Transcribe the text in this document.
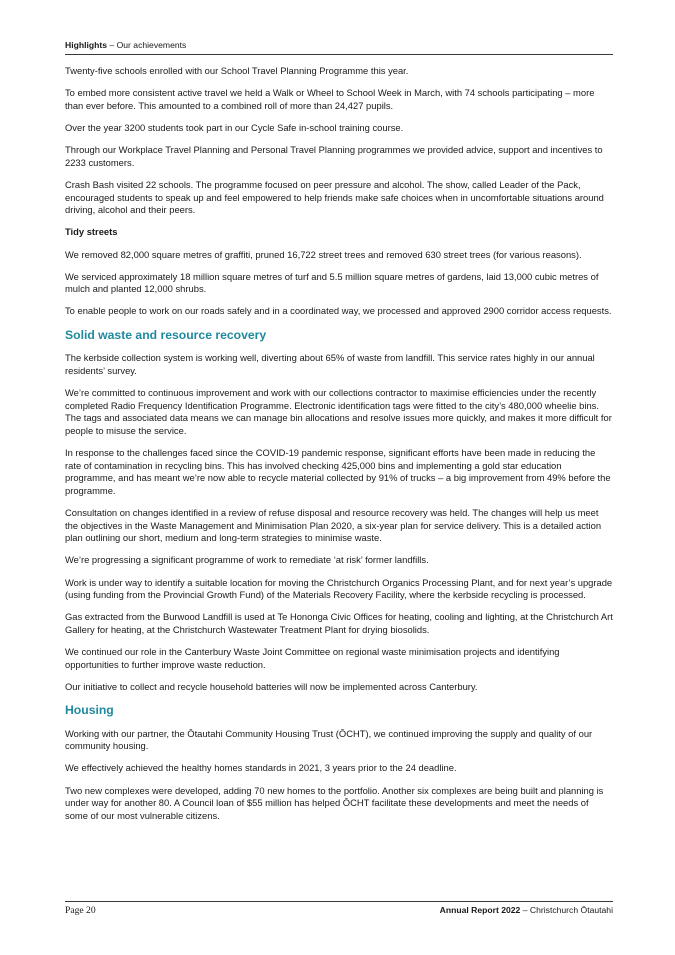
Highlights – Our achievements

Twenty-five schools enrolled with our School Travel Planning Programme this year.

To embed more consistent active travel we held a Walk or Wheel to School Week in March, with 74 schools participating – more than ever before. This amounted to a combined roll of more than 24,427 pupils.

Over the year 3200 students took part in our Cycle Safe in-school training course.

Through our Workplace Travel Planning and Personal Travel Planning programmes we provided advice, support and incentives to 2233 customers.

Crash Bash visited 22 schools. The programme focused on peer pressure and alcohol. The show, called Leader of the Pack, encouraged students to speak up and feel empowered to help friends make safe choices when in uncomfortable situations around driving, alcohol and their peers.

Tidy streets

We removed 82,000 square metres of graffiti, pruned 16,722 street trees and removed 630 street trees (for various reasons).

We serviced approximately 18 million square metres of turf and 5.5 million square metres of gardens, laid 13,000 cubic metres of mulch and planted 12,000 shrubs.

To enable people to work on our roads safely and in a coordinated way, we processed and approved 2900 corridor access requests.

Solid waste and resource recovery

The kerbside collection system is working well, diverting about 65% of waste from landfill. This service rates highly in our annual residents’ survey.

We’re committed to continuous improvement and work with our collections contractor to maximise efficiencies under the recently completed Radio Frequency Identification Programme. Electronic identification tags were fitted to the city’s 480,000 wheelie bins. The tags and associated data means we can manage bin allocations and resolve issues more quickly, and makes it more difficult for people to misuse the service.

In response to the challenges faced since the COVID-19 pandemic response, significant efforts have been made in reducing the rate of contamination in recycling bins. This has involved checking 425,000 bins and implementing a gold star education programme, and has meant we’re now able to recycle material collected by 91% of trucks – a big improvement from 49% before the programme.

Consultation on changes identified in a review of refuse disposal and resource recovery was held. The changes will help us meet the objectives in the Waste Management and Minimisation Plan 2020, a six-year plan for service delivery. This is a detailed action plan outlining our short, medium and long-term strategies to minimise waste.

We’re progressing a significant programme of work to remediate ‘at risk’ former landfills.

Work is under way to identify a suitable location for moving the Christchurch Organics Processing Plant, and for next year’s upgrade (using funding from the Provincial Growth Fund) of the Materials Recovery Facility, where the kerbside recycling is processed.

Gas extracted from the Burwood Landfill is used at Te Hononga Civic Offices for heating, cooling and lighting, at the Christchurch Art Gallery for heating, at the Christchurch Wastewater Treatment Plant for drying biosolids.

We continued our role in the Canterbury Waste Joint Committee on regional waste minimisation projects and identifying opportunities to further improve waste reduction.

Our initiative to collect and recycle household batteries will now be implemented across Canterbury.

Housing

Working with our partner, the Ōtautahi Community Housing Trust (ŌCHT), we continued improving the supply and quality of our community housing.

We effectively achieved the healthy homes standards in 2021, 3 years prior to the 24 deadline.

Two new complexes were developed, adding 70 new homes to the portfolio. Another six complexes are being built and planning is under way for another 80. A Council loan of $55 million has helped ŌCHT facilitate these developments and meet the needs of some of our most vulnerable citizens.

Page 20	Annual Report 2022 – Christchurch Ōtautahi
